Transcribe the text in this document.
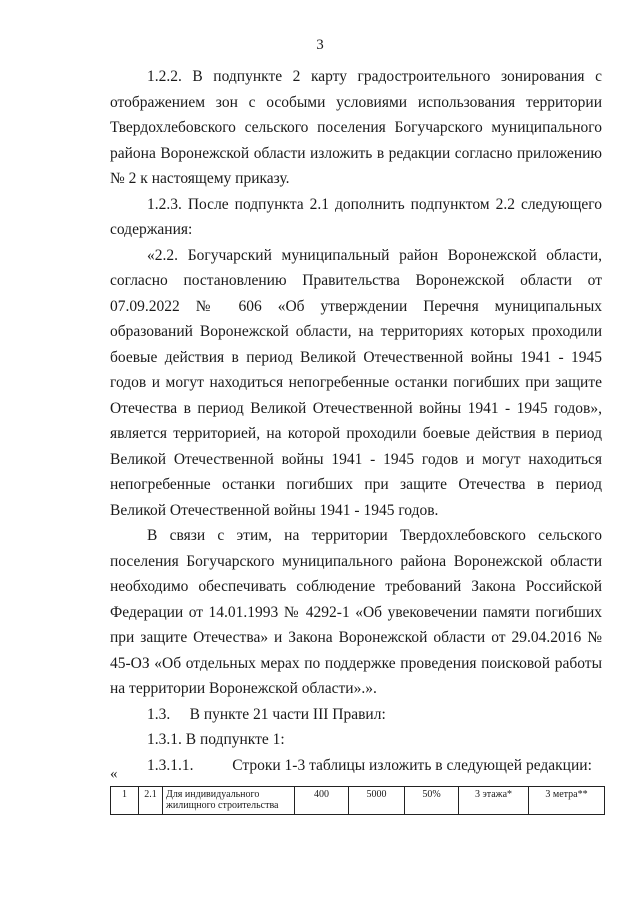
3

1.2.2. В подпункте 2 карту градостроительного зонирования с отображением зон с особыми условиями использования территории Твердохлебовского сельского поселения Богучарского муниципального района Воронежской области изложить в редакции согласно приложению № 2 к настоящему приказу.

1.2.3. После подпункта 2.1 дополнить подпунктом 2.2 следующего содержания:

«2.2. Богучарский муниципальный район Воронежской области, согласно постановлению Правительства Воронежской области от 07.09.2022 № 606 «Об утверждении Перечня муниципальных образований Воронежской области, на территориях которых проходили боевые действия в период Великой Отечественной войны 1941 - 1945 годов и могут находиться непогребенные останки погибших при защите Отечества в период Великой Отечественной войны 1941 - 1945 годов», является территорией, на которой проходили боевые действия в период Великой Отечественной войны 1941 - 1945 годов и могут находиться непогребенные останки погибших при защите Отечества в период Великой Отечественной войны 1941 - 1945 годов.

В связи с этим, на территории Твердохлебовского сельского поселения Богучарского муниципального района Воронежской области необходимо обеспечивать соблюдение требований Закона Российской Федерации от 14.01.1993 № 4292-1 «Об увековечении памяти погибших при защите Отечества» и Закона Воронежской области от 29.04.2016 № 45-ОЗ «Об отдельных мерах по поддержке проведения поисковой работы на территории Воронежской области».».

1.3.     В пункте 21 части III Правил:

1.3.1. В подпункте 1:

1.3.1.1.          Строки 1-3 таблицы изложить в следующей редакции:

«
1	2.1	Для индивидуального жилищного строительства	400	5000	50%	3 этажа*	3 метра**
